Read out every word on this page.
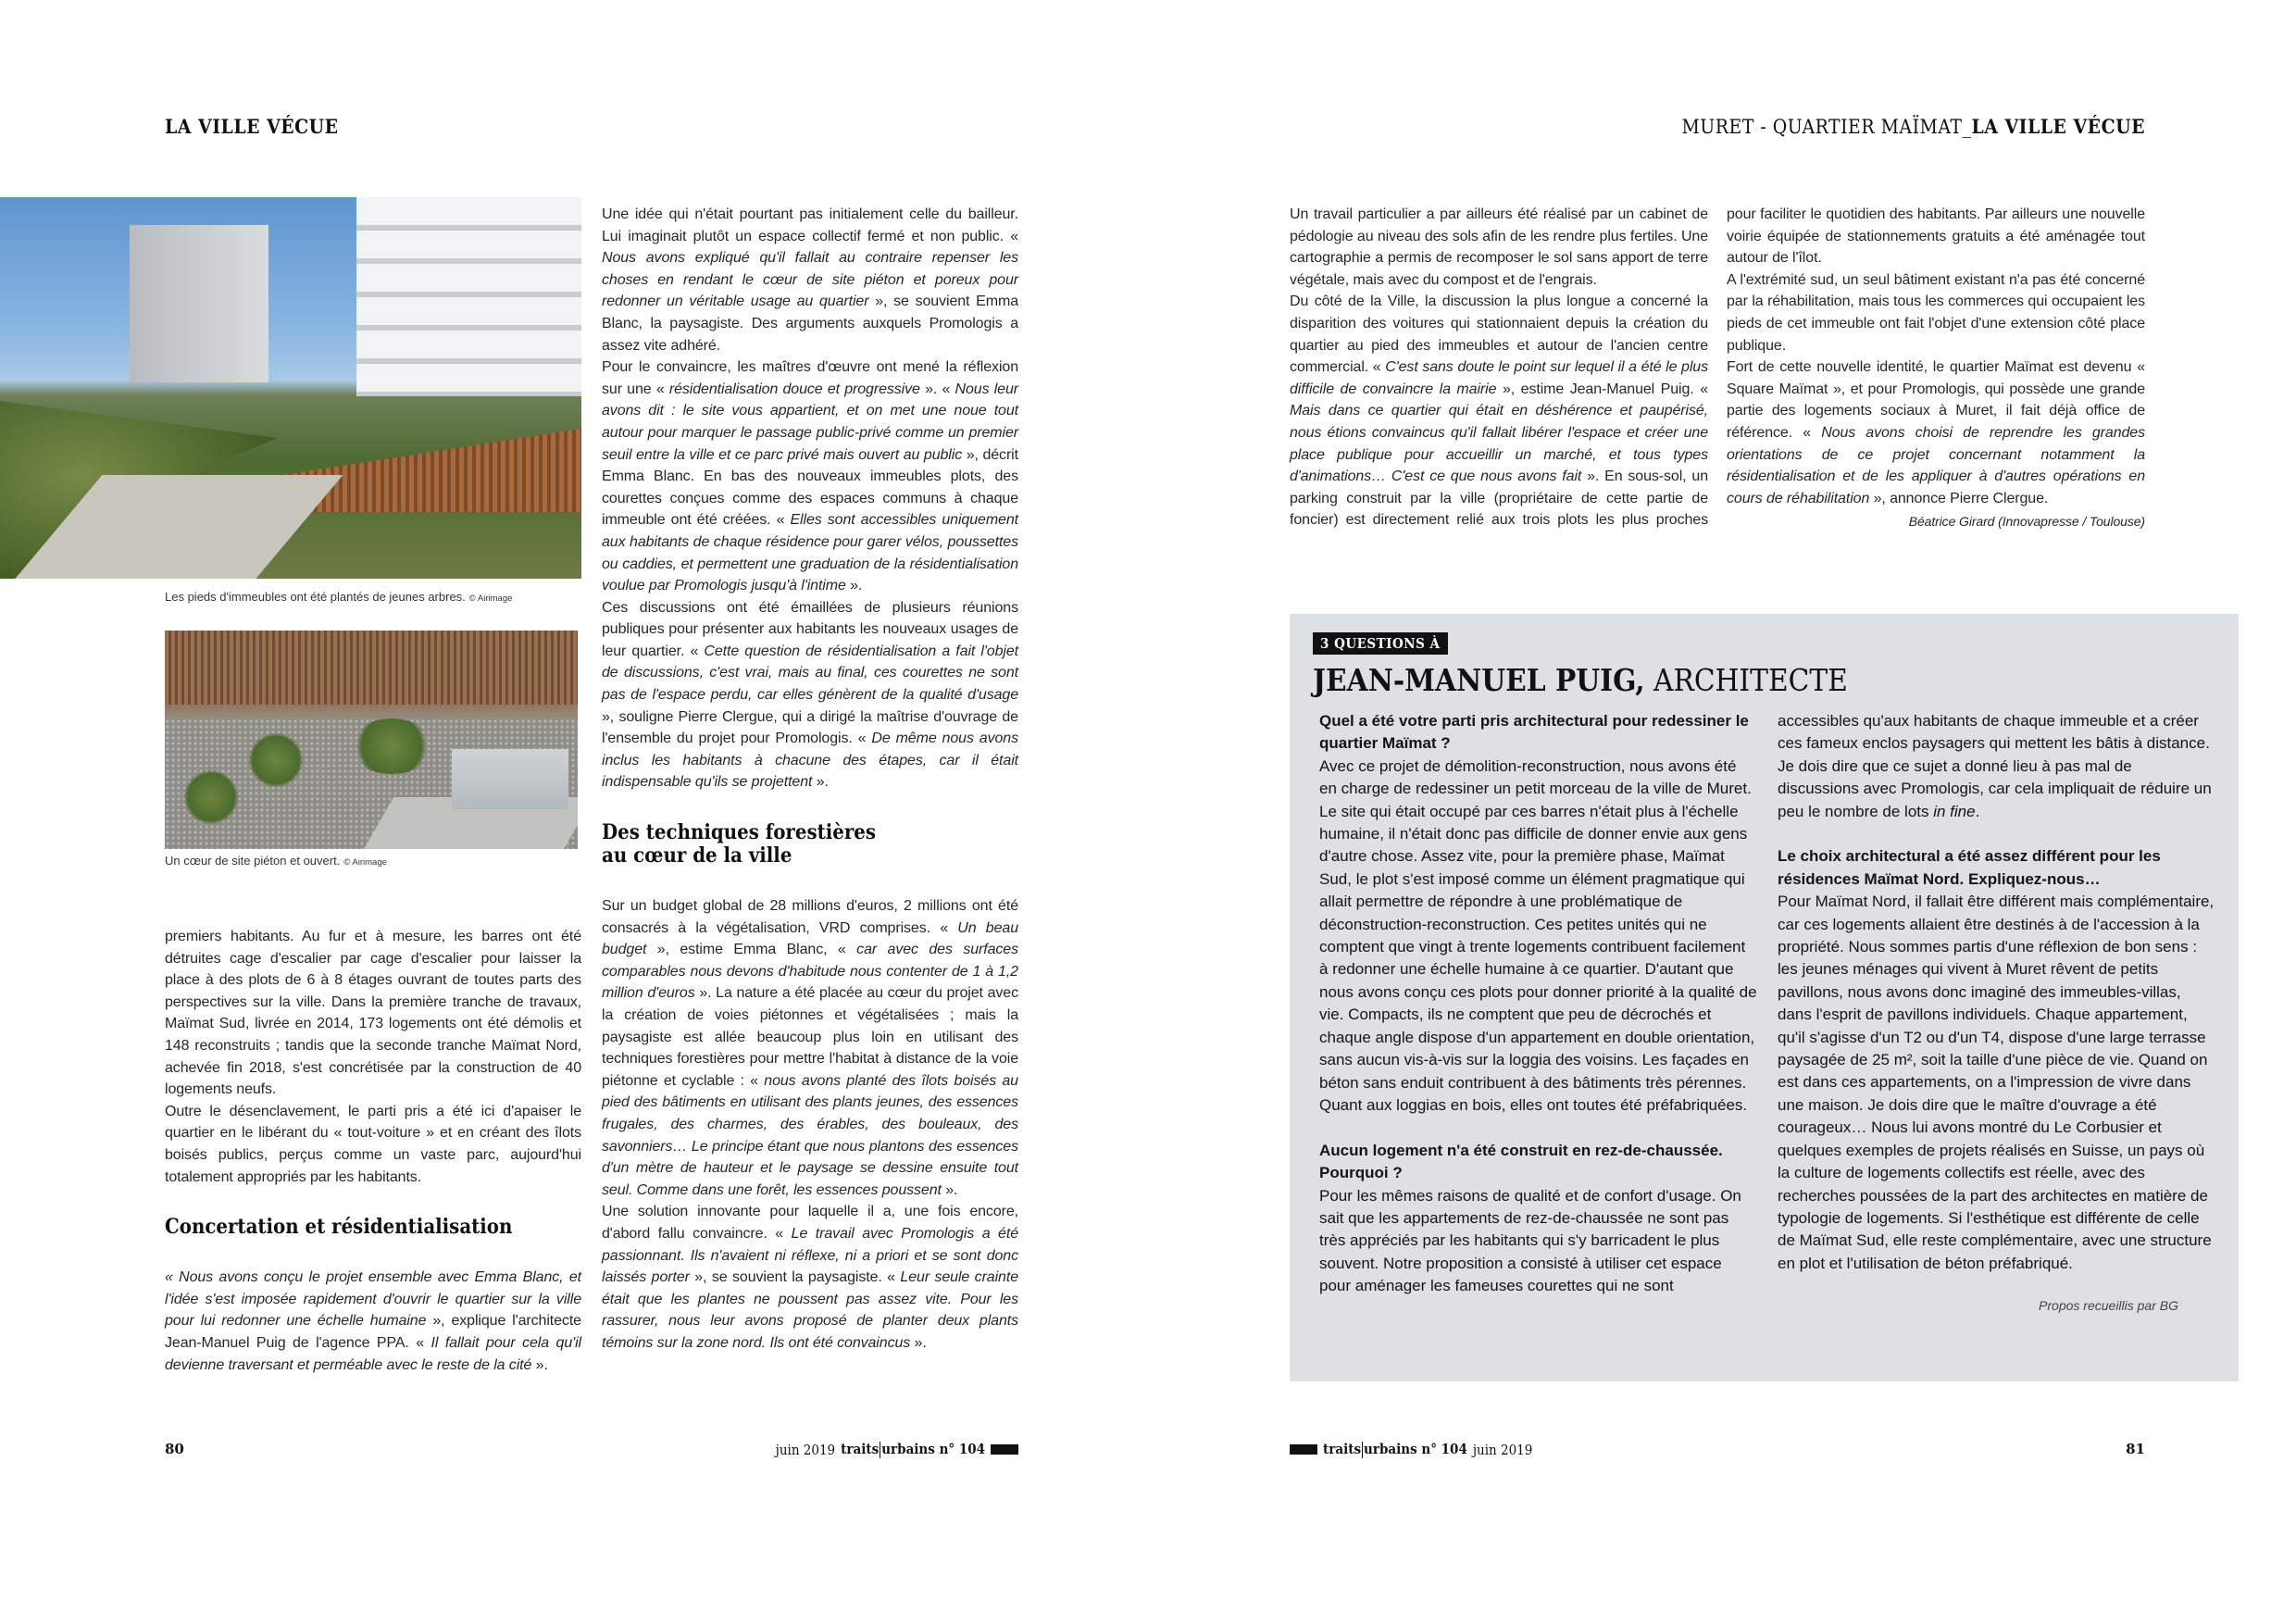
LA VILLE VÉCUE	MURET - QUARTIER MAÏMAT_LA VILLE VÉCUE
Les pieds d'immeubles ont été plantés de jeunes arbres. © Airimage
Un cœur de site piéton et ouvert. © Airimage

premiers habitants. Au fur et à mesure, les barres ont été détruites cage d'escalier par cage d'escalier pour laisser la place à des plots de 6 à 8 étages ouvrant de toutes parts des perspectives sur la ville. Dans la première tranche de travaux, Maïmat Sud, livrée en 2014, 173 logements ont été démolis et 148 reconstruits ; tandis que la seconde tranche Maïmat Nord, achevée fin 2018, s'est concrétisée par la construction de 40 logements neufs.

Outre le désenclavement, le parti pris a été ici d'apaiser le quartier en le libérant du « tout-voiture » et en créant des îlots boisés publics, perçus comme un vaste parc, aujourd'hui totalement appropriés par les habitants.

Concertation et résidentialisation

« Nous avons conçu le projet ensemble avec Emma Blanc, et l'idée s'est imposée rapidement d'ouvrir le quartier sur la ville pour lui redonner une échelle humaine », explique l'architecte Jean-Manuel Puig de l'agence PPA. « Il fallait pour cela qu'il devienne traversant et perméable avec le reste de la cité ».

Une idée qui n'était pourtant pas initialement celle du bailleur. Lui imaginait plutôt un espace collectif fermé et non public. « Nous avons expliqué qu'il fallait au contraire repenser les choses en rendant le cœur de site piéton et poreux pour redonner un véritable usage au quartier », se souvient Emma Blanc, la paysagiste. Des arguments auxquels Promologis a assez vite adhéré.

Pour le convaincre, les maîtres d'œuvre ont mené la réflexion sur une « résidentialisation douce et progressive ». « Nous leur avons dit : le site vous appartient, et on met une noue tout autour pour marquer le passage public-privé comme un premier seuil entre la ville et ce parc privé mais ouvert au public », décrit Emma Blanc. En bas des nouveaux immeubles plots, des courettes conçues comme des espaces communs à chaque immeuble ont été créées. « Elles sont accessibles uniquement aux habitants de chaque résidence pour garer vélos, poussettes ou caddies, et permettent une graduation de la résidentialisation voulue par Promologis jusqu'à l'intime ».

Ces discussions ont été émaillées de plusieurs réunions publiques pour présenter aux habitants les nouveaux usages de leur quartier. « Cette question de résidentialisation a fait l'objet de discussions, c'est vrai, mais au final, ces courettes ne sont pas de l'espace perdu, car elles génèrent de la qualité d'usage », souligne Pierre Clergue, qui a dirigé la maîtrise d'ouvrage de l'ensemble du projet pour Promologis. « De même nous avons inclus les habitants à chacune des étapes, car il était indispensable qu'ils se projettent ».

Des techniques forestières
au cœur de la ville

Sur un budget global de 28 millions d'euros, 2 millions ont été consacrés à la végétalisation, VRD comprises. « Un beau budget », estime Emma Blanc, « car avec des surfaces comparables nous devons d'habitude nous contenter de 1 à 1,2 million d'euros ». La nature a été placée au cœur du projet avec la création de voies piétonnes et végétalisées ; mais la paysagiste est allée beaucoup plus loin en utilisant des techniques forestières pour mettre l'habitat à distance de la voie piétonne et cyclable : « nous avons planté des îlots boisés au pied des bâtiments en utilisant des plants jeunes, des essences frugales, des charmes, des érables, des bouleaux, des savonniers… Le principe étant que nous plantons des essences d'un mètre de hauteur et le paysage se dessine ensuite tout seul. Comme dans une forêt, les essences poussent ».

Une solution innovante pour laquelle il a, une fois encore, d'abord fallu convaincre. « Le travail avec Promologis a été passionnant. Ils n'avaient ni réflexe, ni a priori et se sont donc laissés porter », se souvient la paysagiste. « Leur seule crainte était que les plantes ne poussent pas assez vite. Pour les rassurer, nous leur avons proposé de planter deux plants témoins sur la zone nord. Ils ont été convaincus ».

Un travail particulier a par ailleurs été réalisé par un cabinet de pédologie au niveau des sols afin de les rendre plus fertiles. Une cartographie a permis de recomposer le sol sans apport de terre végétale, mais avec du compost et de l'engrais.

Du côté de la Ville, la discussion la plus longue a concerné la disparition des voitures qui stationnaient depuis la création du quartier au pied des immeubles et autour de l'ancien centre commercial. « C'est sans doute le point sur lequel il a été le plus difficile de convaincre la mairie », estime Jean-Manuel Puig. « Mais dans ce quartier qui était en déshérence et paupérisé, nous étions convaincus qu'il fallait libérer l'espace et créer une place publique pour accueillir un marché, et tous types d'animations… C'est ce que nous avons fait ». En sous-sol, un parking construit par la ville (propriétaire de cette partie de foncier) est directement relié aux trois plots les plus proches pour faciliter le quotidien des habitants. Par ailleurs une nouvelle voirie équipée de stationnements gratuits a été aménagée tout autour de l'îlot.

A l'extrémité sud, un seul bâtiment existant n'a pas été concerné par la réhabilitation, mais tous les commerces qui occupaient les pieds de cet immeuble ont fait l'objet d'une extension côté place publique.

Fort de cette nouvelle identité, le quartier Maïmat est devenu « Square Maïmat », et pour Promologis, qui possède une grande partie des logements sociaux à Muret, il fait déjà office de référence. « Nous avons choisi de reprendre les grandes orientations de ce projet concernant notamment la résidentialisation et de les appliquer à d'autres opérations en cours de réhabilitation », annonce Pierre Clergue.

Béatrice Girard (Innovapresse / Toulouse)

3 QUESTIONS À
JEAN-MANUEL PUIG, ARCHITECTE

Quel a été votre parti pris architectural pour redessiner le quartier Maïmat ?

Avec ce projet de démolition-reconstruction, nous avons été en charge de redessiner un petit morceau de la ville de Muret. Le site qui était occupé par ces barres n'était plus à l'échelle humaine, il n'était donc pas difficile de donner envie aux gens d'autre chose. Assez vite, pour la première phase, Maïmat Sud, le plot s'est imposé comme un élément pragmatique qui allait permettre de répondre à une problématique de déconstruction-reconstruction. Ces petites unités qui ne comptent que vingt à trente logements contribuent facilement à redonner une échelle humaine à ce quartier. D'autant que nous avons conçu ces plots pour donner priorité à la qualité de vie. Compacts, ils ne comptent que peu de décrochés et chaque angle dispose d'un appartement en double orientation, sans aucun vis-à-vis sur la loggia des voisins. Les façades en béton sans enduit contribuent à des bâtiments très pérennes. Quant aux loggias en bois, elles ont toutes été préfabriquées.

Aucun logement n'a été construit en rez-de-chaussée. Pourquoi ?

Pour les mêmes raisons de qualité et de confort d'usage. On sait que les appartements de rez-de-chaussée ne sont pas très appréciés par les habitants qui s'y barricadent le plus souvent. Notre proposition a consisté à utiliser cet espace pour aménager les fameuses courettes qui ne sont accessibles qu'aux habitants de chaque immeuble et a créer ces fameux enclos paysagers qui mettent les bâtis à distance. Je dois dire que ce sujet a donné lieu à pas mal de discussions avec Promologis, car cela impliquait de réduire un peu le nombre de lots in fine.

Le choix architectural a été assez différent pour les résidences Maïmat Nord. Expliquez-nous…

Pour Maïmat Nord, il fallait être différent mais complémentaire, car ces logements allaient être destinés à de l'accession à la propriété. Nous sommes partis d'une réflexion de bon sens : les jeunes ménages qui vivent à Muret rêvent de petits pavillons, nous avons donc imaginé des immeubles-villas, dans l'esprit de pavillons individuels. Chaque appartement, qu'il s'agisse d'un T2 ou d'un T4, dispose d'une large terrasse paysagée de 25 m², soit la taille d'une pièce de vie. Quand on est dans ces appartements, on a l'impression de vivre dans une maison. Je dois dire que le maître d'ouvrage a été courageux… Nous lui avons montré du Le Corbusier et quelques exemples de projets réalisés en Suisse, un pays où la culture de logements collectifs est réelle, avec des recherches poussées de la part des architectes en matière de typologie de logements. Si l'esthétique est différente de celle de Maïmat Sud, elle reste complémentaire, avec une structure en plot et l'utilisation de béton préfabriqué.

Propos recueillis par BG
80	juin 2019 traits urbains n° 104	traits urbains n° 104 juin 2019	81
